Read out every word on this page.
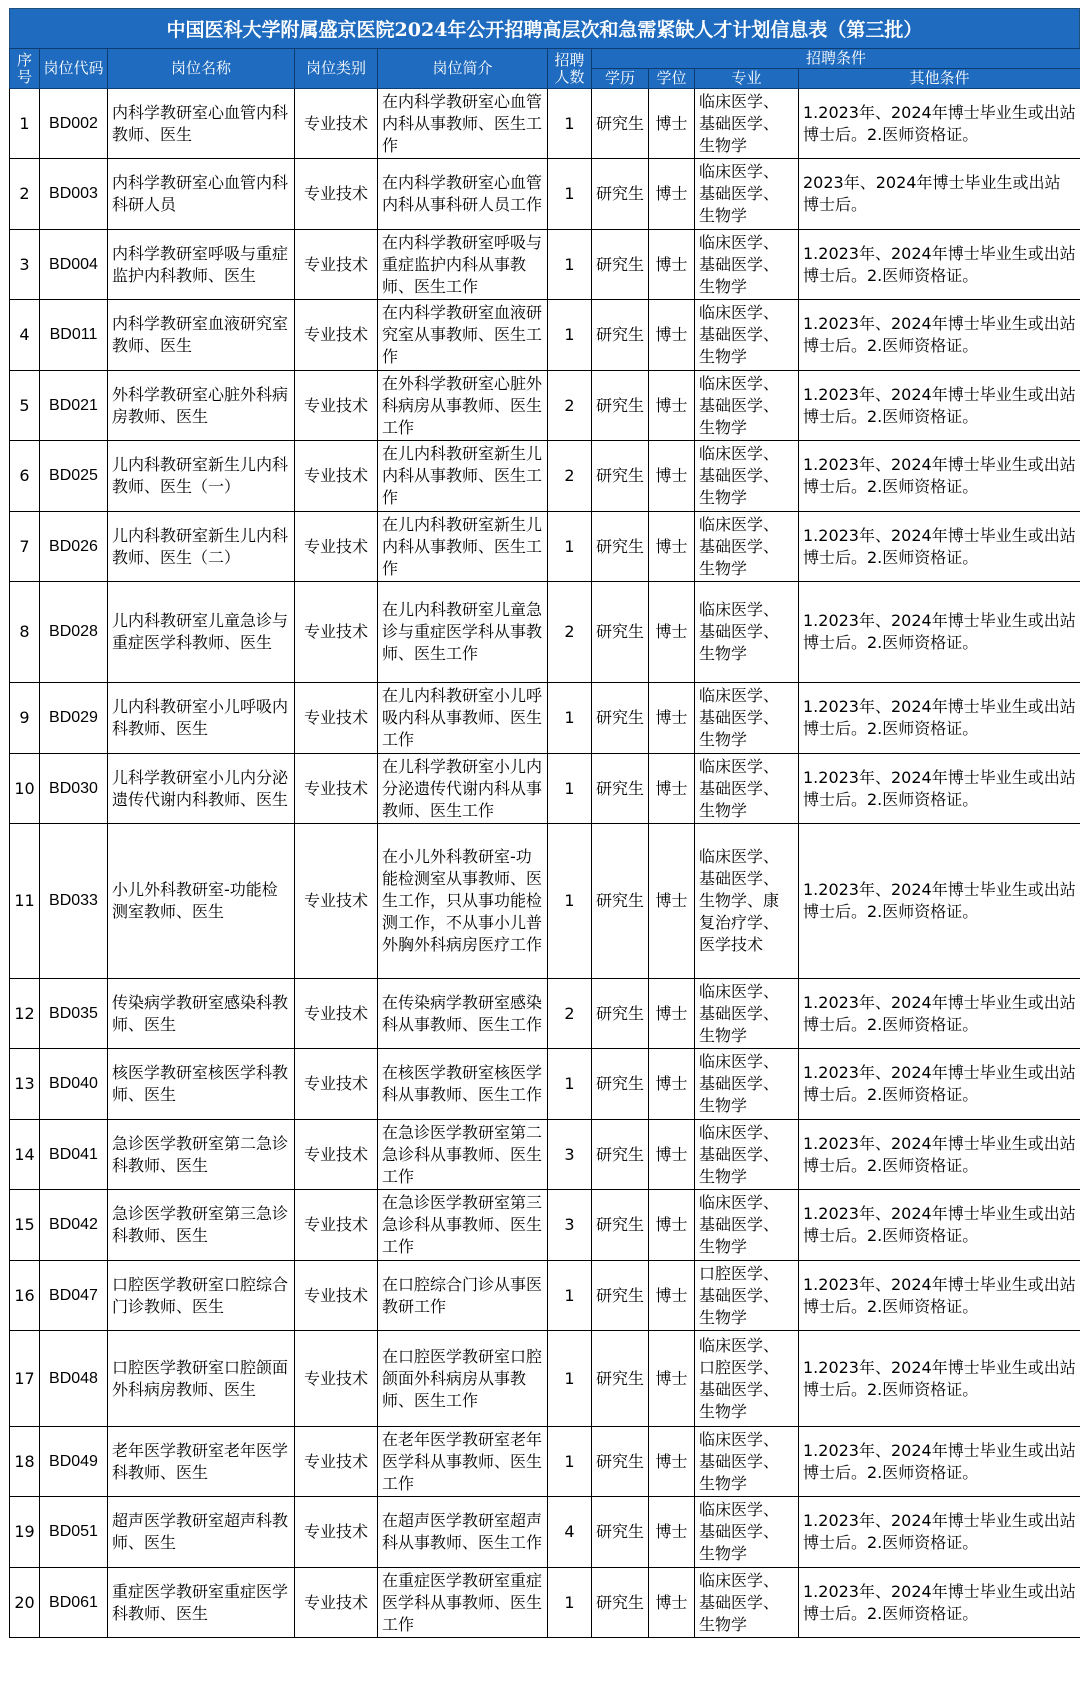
中国医科大学附属盛京医院2024年公开招聘高层次和急需紧缺人才计划信息表（第三批）
序号	岗位代码	岗位名称	岗位类别	岗位简介	招聘人数	招聘条件			
						学历	学位	专业	其他条件
1	BD002	内科学教研室心血管内科教师、医生	专业技术	在内科学教研室心血管内科从事教师、医生工作	1	研究生	博士	临床医学、基础医学、生物学	1.2023年、2024年博士毕业生或出站博士后。2.医师资格证。
2	BD003	内科学教研室心血管内科科研人员	专业技术	在内科学教研室心血管内科从事科研人员工作	1	研究生	博士	临床医学、基础医学、生物学	2023年、2024年博士毕业生或出站博士后。
3	BD004	内科学教研室呼吸与重症监护内科教师、医生	专业技术	在内科学教研室呼吸与重症监护内科从事教师、医生工作	1	研究生	博士	临床医学、基础医学、生物学	1.2023年、2024年博士毕业生或出站博士后。2.医师资格证。
4	BD011	内科学教研室血液研究室教师、医生	专业技术	在内科学教研室血液研究室从事教师、医生工作	1	研究生	博士	临床医学、基础医学、生物学	1.2023年、2024年博士毕业生或出站博士后。2.医师资格证。
5	BD021	外科学教研室心脏外科病房教师、医生	专业技术	在外科学教研室心脏外科病房从事教师、医生工作	2	研究生	博士	临床医学、基础医学、生物学	1.2023年、2024年博士毕业生或出站博士后。2.医师资格证。
6	BD025	儿内科教研室新生儿内科教师、医生（一）	专业技术	在儿内科教研室新生儿内科从事教师、医生工作	2	研究生	博士	临床医学、基础医学、生物学	1.2023年、2024年博士毕业生或出站博士后。2.医师资格证。
7	BD026	儿内科教研室新生儿内科教师、医生（二）	专业技术	在儿内科教研室新生儿内科从事教师、医生工作	1	研究生	博士	临床医学、基础医学、生物学	1.2023年、2024年博士毕业生或出站博士后。2.医师资格证。
8	BD028	儿内科教研室儿童急诊与重症医学科教师、医生	专业技术	在儿内科教研室儿童急诊与重症医学科从事教师、医生工作	2	研究生	博士	临床医学、基础医学、生物学	1.2023年、2024年博士毕业生或出站博士后。2.医师资格证。
9	BD029	儿内科教研室小儿呼吸内科教师、医生	专业技术	在儿内科教研室小儿呼吸内科从事教师、医生工作	1	研究生	博士	临床医学、基础医学、生物学	1.2023年、2024年博士毕业生或出站博士后。2.医师资格证。
10	BD030	儿科学教研室小儿内分泌遗传代谢内科教师、医生	专业技术	在儿科学教研室小儿内分泌遗传代谢内科从事教师、医生工作	1	研究生	博士	临床医学、基础医学、生物学	1.2023年、2024年博士毕业生或出站博士后。2.医师资格证。
11	BD033	小儿外科教研室-功能检测室教师、医生	专业技术	在小儿外科教研室-功能检测室从事教师、医生工作，只从事功能检测工作，不从事小儿普外胸外科病房医疗工作	1	研究生	博士	临床医学、基础医学、生物学、康复治疗学、医学技术	1.2023年、2024年博士毕业生或出站博士后。2.医师资格证。
12	BD035	传染病学教研室感染科教师、医生	专业技术	在传染病学教研室感染科从事教师、医生工作	2	研究生	博士	临床医学、基础医学、生物学	1.2023年、2024年博士毕业生或出站博士后。2.医师资格证。
13	BD040	核医学教研室核医学科教师、医生	专业技术	在核医学教研室核医学科从事教师、医生工作	1	研究生	博士	临床医学、基础医学、生物学	1.2023年、2024年博士毕业生或出站博士后。2.医师资格证。
14	BD041	急诊医学教研室第二急诊科教师、医生	专业技术	在急诊医学教研室第二急诊科从事教师、医生工作	3	研究生	博士	临床医学、基础医学、生物学	1.2023年、2024年博士毕业生或出站博士后。2.医师资格证。
15	BD042	急诊医学教研室第三急诊科教师、医生	专业技术	在急诊医学教研室第三急诊科从事教师、医生工作	3	研究生	博士	临床医学、基础医学、生物学	1.2023年、2024年博士毕业生或出站博士后。2.医师资格证。
16	BD047	口腔医学教研室口腔综合门诊教师、医生	专业技术	在口腔综合门诊从事医教研工作	1	研究生	博士	口腔医学、基础医学、生物学	1.2023年、2024年博士毕业生或出站博士后。2.医师资格证。
17	BD048	口腔医学教研室口腔颌面外科病房教师、医生	专业技术	在口腔医学教研室口腔颌面外科病房从事教师、医生工作	1	研究生	博士	临床医学、口腔医学、基础医学、生物学	1.2023年、2024年博士毕业生或出站博士后。2.医师资格证。
18	BD049	老年医学教研室老年医学科教师、医生	专业技术	在老年医学教研室老年医学科从事教师、医生工作	1	研究生	博士	临床医学、基础医学、生物学	1.2023年、2024年博士毕业生或出站博士后。2.医师资格证。
19	BD051	超声医学教研室超声科教师、医生	专业技术	在超声医学教研室超声科从事教师、医生工作	4	研究生	博士	临床医学、基础医学、生物学	1.2023年、2024年博士毕业生或出站博士后。2.医师资格证。
20	BD061	重症医学教研室重症医学科教师、医生	专业技术	在重症医学教研室重症医学科从事教师、医生工作	1	研究生	博士	临床医学、基础医学、生物学	1.2023年、2024年博士毕业生或出站博士后。2.医师资格证。
